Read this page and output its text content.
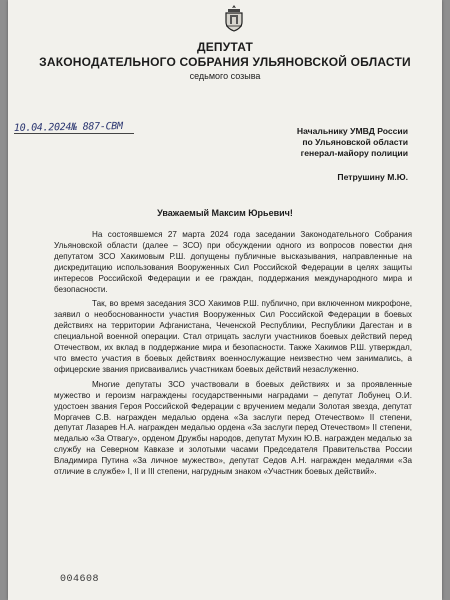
ДЕПУТАТ
ЗАКОНОДАТЕЛЬНОГО СОБРАНИЯ УЛЬЯНОВСКОЙ ОБЛАСТИ
седьмого созыва
10.04.2024№ 887-СВМ	Начальнику УМВД России
по Ульяновской области
генерал-майору полиции
Петрушину М.Ю.
Уважаемый Максим Юрьевич!

На состоявшемся 27 марта 2024 года заседании Законодательного Собрания Ульяновской области (далее – ЗСО) при обсуждении одного из вопросов повестки дня депутатом ЗСО Хакимовым Р.Ш. допущены публичные высказывания, направленные на дискредитацию использования Вооруженных Сил Российской Федерации в целях защиты интересов Российской Федерации и ее граждан, поддержания международного мира и безопасности.

Так, во время заседания ЗСО Хакимов Р.Ш. публично, при включенном микрофоне, заявил о необоснованности участия Вооруженных Сил Российской Федерации в боевых действиях на территории Афганистана, Чеченской Республики, Республики Дагестан и в специальной военной операции. Стал отрицать заслуги участников боевых действий перед Отечеством, их вклад в поддержание мира и безопасности. Также Хакимов Р.Ш. утверждал, что вместо участия в боевых действиях военнослужащие неизвестно чем занимались, а офицерские звания присваивались участникам боевых действий незаслуженно.

Многие депутаты ЗСО участвовали в боевых действиях и за проявленные мужество и героизм награждены государственными наградами – депутат Лобунец О.И. удостоен звания Героя Российской Федерации с вручением медали Золотая звезда, депутат Моргачев С.В. награжден медалью ордена «За заслуги перед Отечеством» II степени, депутат Лазарев Н.А. награжден медалью ордена «За заслуги перед Отечеством» II степени, медалью «За Отвагу», орденом Дружбы народов, депутат Мухин Ю.В. награжден медалью за службу на Северном Кавказе и золотыми часами Председателя Правительства России Владимира Путина «За личное мужество», депутат Седов А.Н. награжден медалями «За отличие в службе» I, II и III степени, нагрудным знаком «Участник боевых действий».

004608
